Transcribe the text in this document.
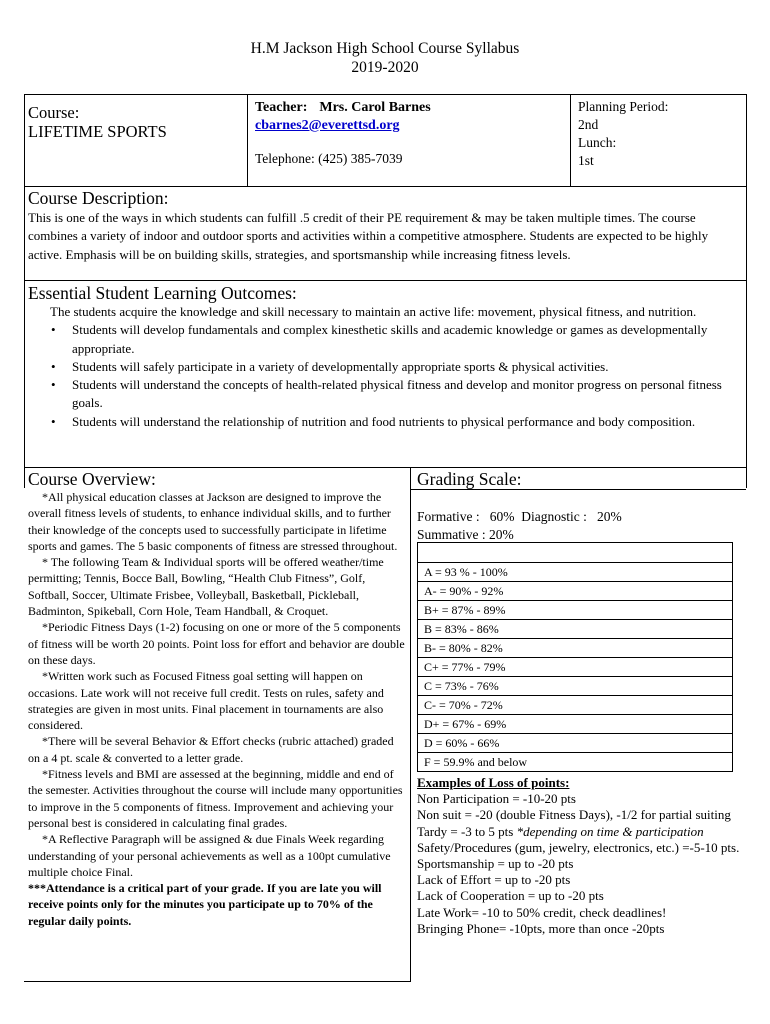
H.M Jackson High School Course Syllabus
2019-2020
Course:
LIFETIME SPORTS
Teacher: Mrs. Carol Barnes
cbarnes2@everettsd.org
Telephone: (425) 385-7039
Planning Period:
2nd
Lunch:
1st
Course Description:
This is one of the ways in which students can fulfill .5 credit of their PE requirement & may be taken multiple times. The course combines a variety of indoor and outdoor sports and activities within a competitive atmosphere. Students are expected to be highly active. Emphasis will be on building skills, strategies, and sportsmanship while increasing fitness levels.
Essential Student Learning Outcomes:
The students acquire the knowledge and skill necessary to maintain an active life: movement, physical fitness, and nutrition.
• Students will develop fundamentals and complex kinesthetic skills and academic knowledge or games as developmentally appropriate.
• Students will safely participate in a variety of developmentally appropriate sports & physical activities.
• Students will understand the concepts of health-related physical fitness and develop and monitor progress on personal fitness goals.
• Students will understand the relationship of nutrition and food nutrients to physical performance and body composition.
Course Overview:

*All physical education classes at Jackson are designed to improve the overall fitness levels of students, to enhance individual skills, and to further their knowledge of the concepts used to successfully participate in lifetime sports and games. The 5 basic components of fitness are stressed throughout.

* The following Team & Individual sports will be offered weather/time permitting; Tennis, Bocce Ball, Bowling, “Health Club Fitness”, Golf, Softball, Soccer, Ultimate Frisbee, Volleyball, Basketball, Pickleball, Badminton, Spikeball, Corn Hole, Team Handball, & Croquet.

*Periodic Fitness Days (1-2) focusing on one or more of the 5 components of fitness will be worth 20 points. Point loss for effort and behavior are double on these days.

*Written work such as Focused Fitness goal setting will happen on occasions. Late work will not receive full credit. Tests on rules, safety and strategies are given in most units. Final placement in tournaments are also considered.

*There will be several Behavior & Effort checks (rubric attached) graded on a 4 pt. scale & converted to a letter grade.

*Fitness levels and BMI are assessed at the beginning, middle and end of the semester. Activities throughout the course will include many opportunities to improve in the 5 components of fitness. Improvement and achieving your personal best is considered in calculating final grades.

*A Reflective Paragraph will be assigned & due Finals Week regarding understanding of your personal achievements as well as a 100pt cumulative multiple choice Final.

***Attendance is a critical part of your grade. If you are late you will receive points only for the minutes you participate up to 70% of the regular daily points.

Grading Scale:
Formative :   60%  Diagnostic :   20%
Summative : 20%
A = 93 % - 100%
A- = 90% - 92%
B+ = 87% - 89%
B = 83% - 86%
B- = 80% - 82%
C+ = 77% - 79%
C = 73% - 76%
C- = 70% - 72%
D+ = 67% - 69%
D = 60% - 66%
F = 59.9% and below

Examples of Loss of points:

Non Participation = -10-20 pts

Non suit = -20 (double Fitness Days), -1/2 for partial suiting

Tardy = -3 to 5 pts *depending on time & participation

Safety/Procedures (gum, jewelry, electronics, etc.) =-5-10 pts.

Sportsmanship = up to -20 pts

Lack of Effort = up to -20 pts

Lack of Cooperation = up to -20 pts

Late Work= -10 to 50% credit, check deadlines!

Bringing Phone= -10pts, more than once -20pts
